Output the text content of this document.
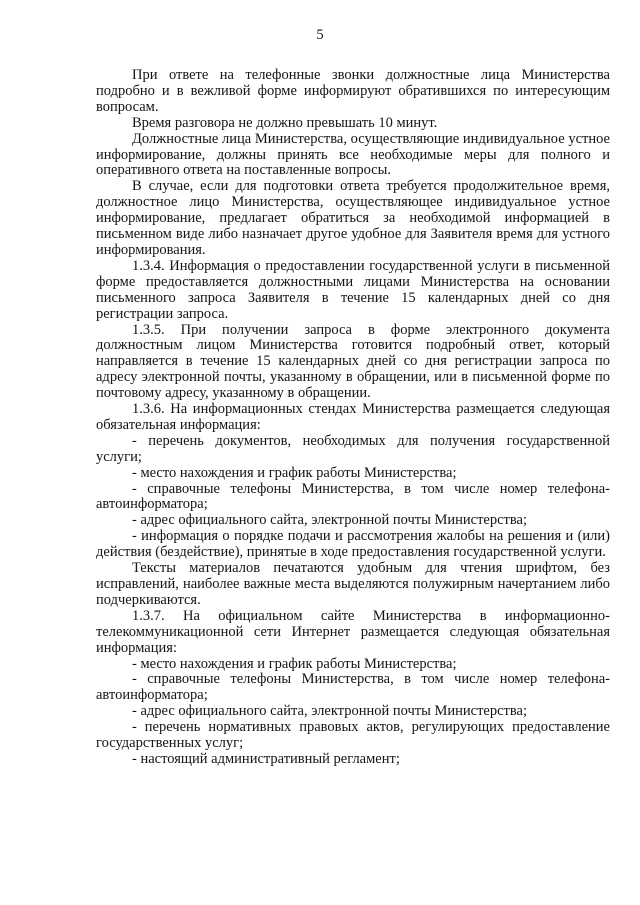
5

При ответе на телефонные звонки должностные лица Министерства подробно и в вежливой форме информируют обратившихся по интересующим вопросам.

Время разговора не должно превышать 10 минут.

Должностные лица Министерства, осуществляющие индивидуальное устное информирование, должны принять все необходимые меры для полного и оперативного ответа на поставленные вопросы.

В случае, если для подготовки ответа требуется продолжительное время, должностное лицо Министерства, осуществляющее индивидуальное устное информирование, предлагает обратиться за необходимой информацией в письменном виде либо назначает другое удобное для Заявителя время для устного информирования.

1.3.4. Информация о предоставлении государственной услуги в письменной форме предоставляется должностными лицами Министерства на основании письменного запроса Заявителя в течение 15 календарных дней со дня регистрации запроса.

1.3.5. При получении запроса в форме электронного документа должностным лицом Министерства готовится подробный ответ, который направляется в течение 15 календарных дней со дня регистрации запроса по адресу электронной почты, указанному в обращении, или в письменной форме по почтовому адресу, указанному в обращении.

1.3.6. На информационных стендах Министерства размещается следующая обязательная информация:

- перечень документов, необходимых для получения государственной услуги;

- место нахождения и график работы Министерства;

- справочные телефоны Министерства, в том числе номер телефона-автоинформатора;

- адрес официального сайта, электронной почты Министерства;

- информация о порядке подачи и рассмотрения жалобы на решения и (или) действия (бездействие), принятые в ходе предоставления государственной услуги.

Тексты материалов печатаются удобным для чтения шрифтом, без исправлений, наиболее важные места выделяются полужирным начертанием либо подчеркиваются.

1.3.7. На официальном сайте Министерства в информационно-телекоммуникационной сети Интернет размещается следующая обязательная информация:

- место нахождения и график работы Министерства;

- справочные телефоны Министерства, в том числе номер телефона-автоинформатора;

- адрес официального сайта, электронной почты Министерства;

- перечень нормативных правовых актов, регулирующих предоставление государственных услуг;

- настоящий административный регламент;
